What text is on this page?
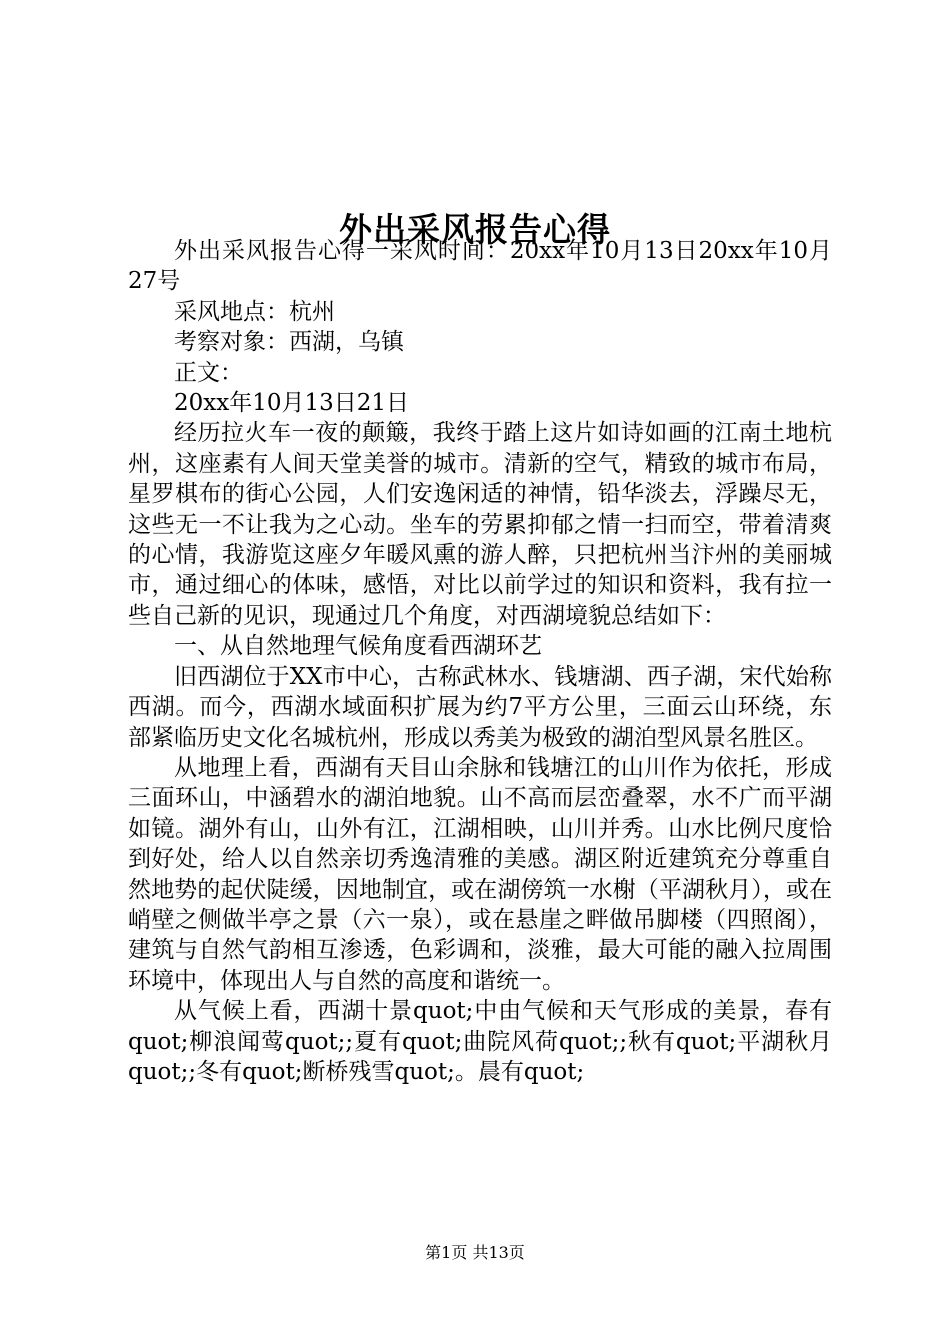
外出采风报告心得

外出采风报告心得一采风时间：20xx年10月13日20xx年10月27号

采风地点：杭州

考察对象：西湖，乌镇

正文：

20xx年10月13日21日

经历拉火车一夜的颠簸，我终于踏上这片如诗如画的江南土地杭州，这座素有人间天堂美誉的城市。清新的空气，精致的城市布局，星罗棋布的街心公园，人们安逸闲适的神情，铅华淡去，浮躁尽无，这些无一不让我为之心动。坐车的劳累抑郁之情一扫而空，带着清爽的心情，我游览这座夕年暖风熏的游人醉，只把杭州当汴州的美丽城市，通过细心的体味，感悟，对比以前学过的知识和资料，我有拉一些自己新的见识，现通过几个角度，对西湖境貌总结如下：

一、从自然地理气候角度看西湖环艺

旧西湖位于XX市中心，古称武林水、钱塘湖、西子湖，宋代始称西湖。而今，西湖水域面积扩展为约7平方公里，三面云山环绕，东部紧临历史文化名城杭州，形成以秀美为极致的湖泊型风景名胜区。

从地理上看，西湖有天目山余脉和钱塘江的山川作为依托，形成三面环山，中涵碧水的湖泊地貌。山不高而层峦叠翠，水不广而平湖如镜。湖外有山，山外有江，江湖相映，山川并秀。山水比例尺度恰到好处，给人以自然亲切秀逸清雅的美感。湖区附近建筑充分尊重自然地势的起伏陡缓，因地制宜，或在湖傍筑一水榭（平湖秋月），或在峭壁之侧做半亭之景（六一泉），或在悬崖之畔做吊脚楼（四照阁），建筑与自然气韵相互渗透，色彩调和，淡雅，最大可能的融入拉周围环境中，体现出人与自然的高度和谐统一。

从气候上看，西湖十景quot;中由气候和天气形成的美景，春有quot;柳浪闻莺quot;;夏有quot;曲院风荷quot;;秋有quot;平湖秋月quot;;冬有quot;断桥残雪quot;。晨有quot;

第1页 共13页
